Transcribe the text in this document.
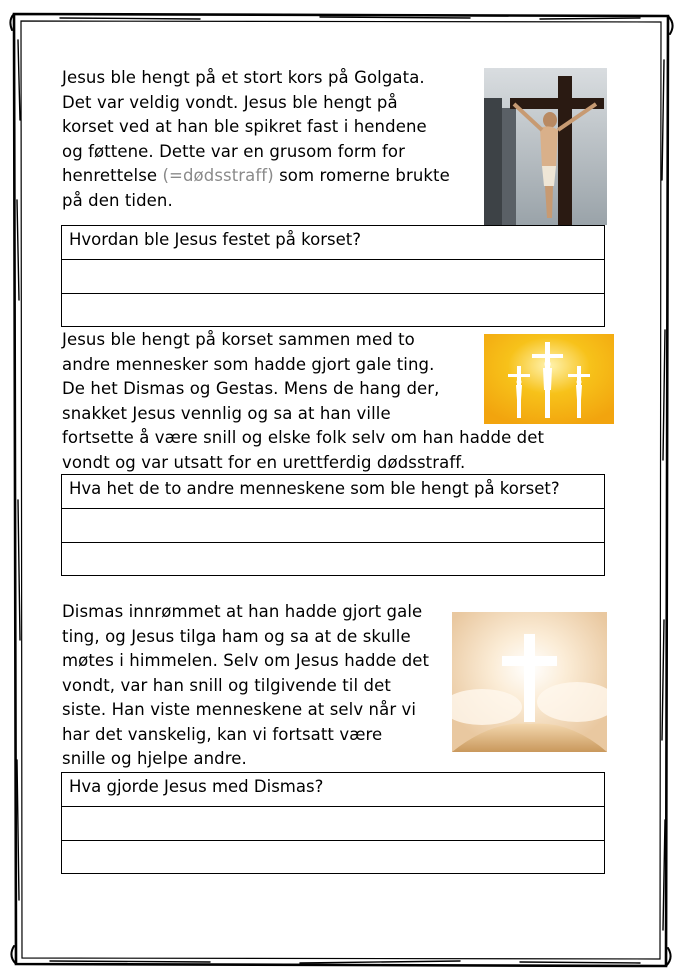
Jesus ble hengt på et stort kors på Golgata.
Det var veldig vondt. Jesus ble hengt på
korset ved at han ble spikret fast i hendene
og føttene. Dette var en grusom form for
henrettelse (=dødsstraff) som romerne brukte
på den tiden.
Hvordan ble Jesus festet på korset?
Jesus ble hengt på korset sammen med to
andre mennesker som hadde gjort gale ting.
De het Dismas og Gestas. Mens de hang der,
snakket Jesus vennlig og sa at han ville
fortsette å være snill og elske folk selv om han hadde det
vondt og var utsatt for en urettferdig dødsstraff.
Hva het de to andre menneskene som ble hengt på korset?
Dismas innrømmet at han hadde gjort gale
ting, og Jesus tilga ham og sa at de skulle
møtes i himmelen. Selv om Jesus hadde det
vondt, var han snill og tilgivende til det
siste. Han viste menneskene at selv når vi
har det vanskelig, kan vi fortsatt være
snille og hjelpe andre.
Hva gjorde Jesus med Dismas?
